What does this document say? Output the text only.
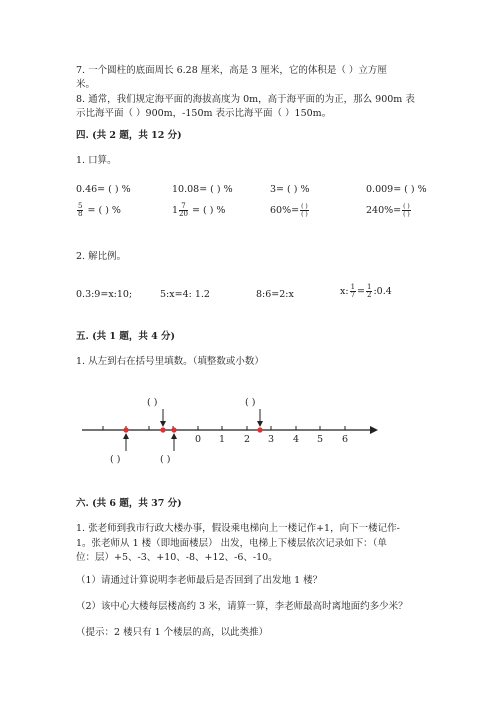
7. 一个圆柱的底面周长 6.28 厘米，高是 3 厘米，它的体积是（ ）立方厘
米。
8. 通常，我们规定海平面的海拔高度为 0m，高于海平面的为正，那么 900m 表
示比海平面（ ）900m，-150m 表示比海平面（ ）150m。
四. (共 2 题，共 12 分)
1. 口算。
0.46= ( ) %	10.08= ( ) %	3= ( ) %	0.009= ( ) %
$\frac{5}{8}$ = ( ) %	$1 \frac{7}{20}$ = ( ) %	$60\%= \frac{( )}{( )}$	$240\%= \frac{( )}{( )}$
2. 解比例。
0.3:9=x:10;	5:x=4: 1.2	8:6=2:x	x: $\frac{1}{7} = \frac{1}{2}$ :0.4
五. (共 1 题，共 4 分)
1. 从左到右在括号里填数。（填整数或小数）
( )	( )
( )	( )
0 1 2 3 4 5 6
六. (共 6 题，共 37 分)
1. 张老师到我市行政大楼办事，假设乘电梯向上一楼记作+1，向下一楼记作-
1。张老师从 1 楼（即地面楼层） 出发，电梯上下楼层依次记录如下：（单
位：层）+5、-3、+10、-8、+12、-6、-10。
（1）请通过计算说明李老师最后是否回到了出发地 1 楼？
（2）该中心大楼每层楼高约 3 米，请算一算，李老师最高时离地面约多少米？
（提示：2 楼只有 1 个楼层的高，以此类推）
